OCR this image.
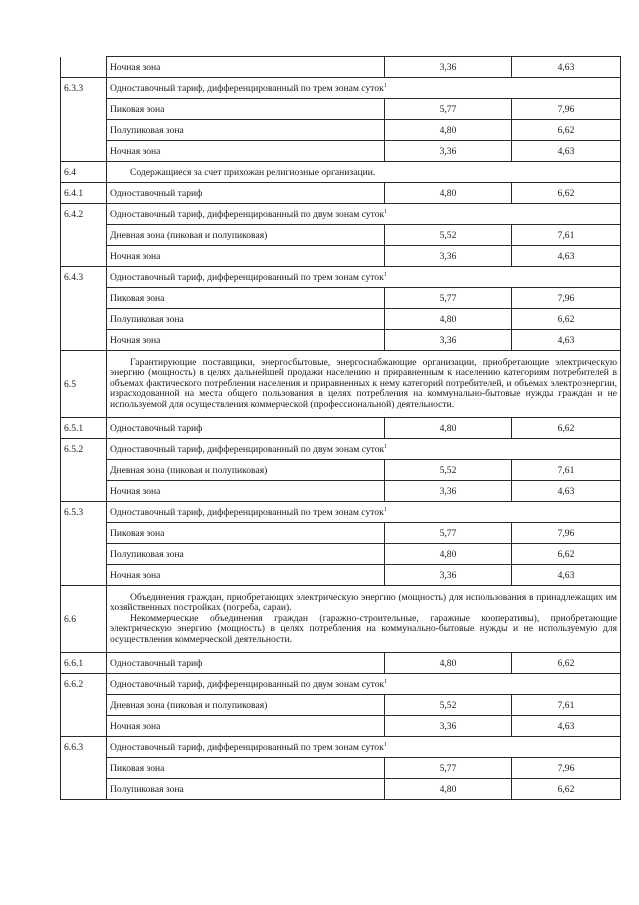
	Ночная зона	3,36	4,63
6.3.3	Одноставочный тариф, дифференцированный по трем зонам суток$^1$
	Пиковая зона	5,77	7,96
	Полупиковая зона	4,80	6,62
	Ночная зона	3,36	4,63
6.4	Содержащиеся за счет прихожан религиозные организации.		
6.4.1	Одноставочный тариф	4,80	6,62
6.4.2	Одноставочный тариф, дифференцированный по двум зонам суток$^1$
	Дневная зона (пиковая и полупиковая)	5,52	7,61
	Ночная зона	3,36	4,63
6.4.3	Одноставочный тариф, дифференцированный по трем зонам суток$^1$
	Пиковая зона	5,77	7,96
	Полупиковая зона	4,80	6,62
	Ночная зона	3,36	4,63
6.5	Гарантирующие поставщики, энергосбытовые, энергоснабжающие организации, приобретающие электрическую энергию (мощность) в целях дальнейшей продажи населению и приравненным к населению категориям потребителей в объемах фактического потребления населения и приравненных к нему категорий потребителей, и объемах электроэнергии, израсходованной на места общего пользования в целях потребления на коммунально-бытовые нужды граждан и не используемой для осуществления коммерческой (профессиональной) деятельности.		
6.5.1	Одноставочный тариф	4,80	6,62
6.5.2	Одноставочный тариф, дифференцированный по двум зонам суток$^1$
	Дневная зона (пиковая и полупиковая)	5,52	7,61
	Ночная зона	3,36	4,63
6.5.3	Одноставочный тариф, дифференцированный по трем зонам суток$^1$
	Пиковая зона	5,77	7,96
	Полупиковая зона	4,80	6,62
	Ночная зона	3,36	4,63
6.6	Объединения граждан, приобретающих электрическую энергию (мощность) для использования в принадлежащих им хозяйственных постройках (погреба, сараи).
Некоммерческие объединения граждан (гаражно-строительные, гаражные кооперативы), приобретающие электрическую энергию (мощность) в целях потребления на коммунально-бытовые нужды и не используемую для осуществления коммерческой деятельности.		
6.6.1	Одноставочный тариф	4,80	6,62
6.6.2	Одноставочный тариф, дифференцированный по двум зонам суток$^1$
	Дневная зона (пиковая и полупиковая)	5,52	7,61
	Ночная зона	3,36	4,63
6.6.3	Одноставочный тариф, дифференцированный по трем зонам суток$^1$
	Пиковая зона	5,77	7,96
	Полупиковая зона	4,80	6,62
